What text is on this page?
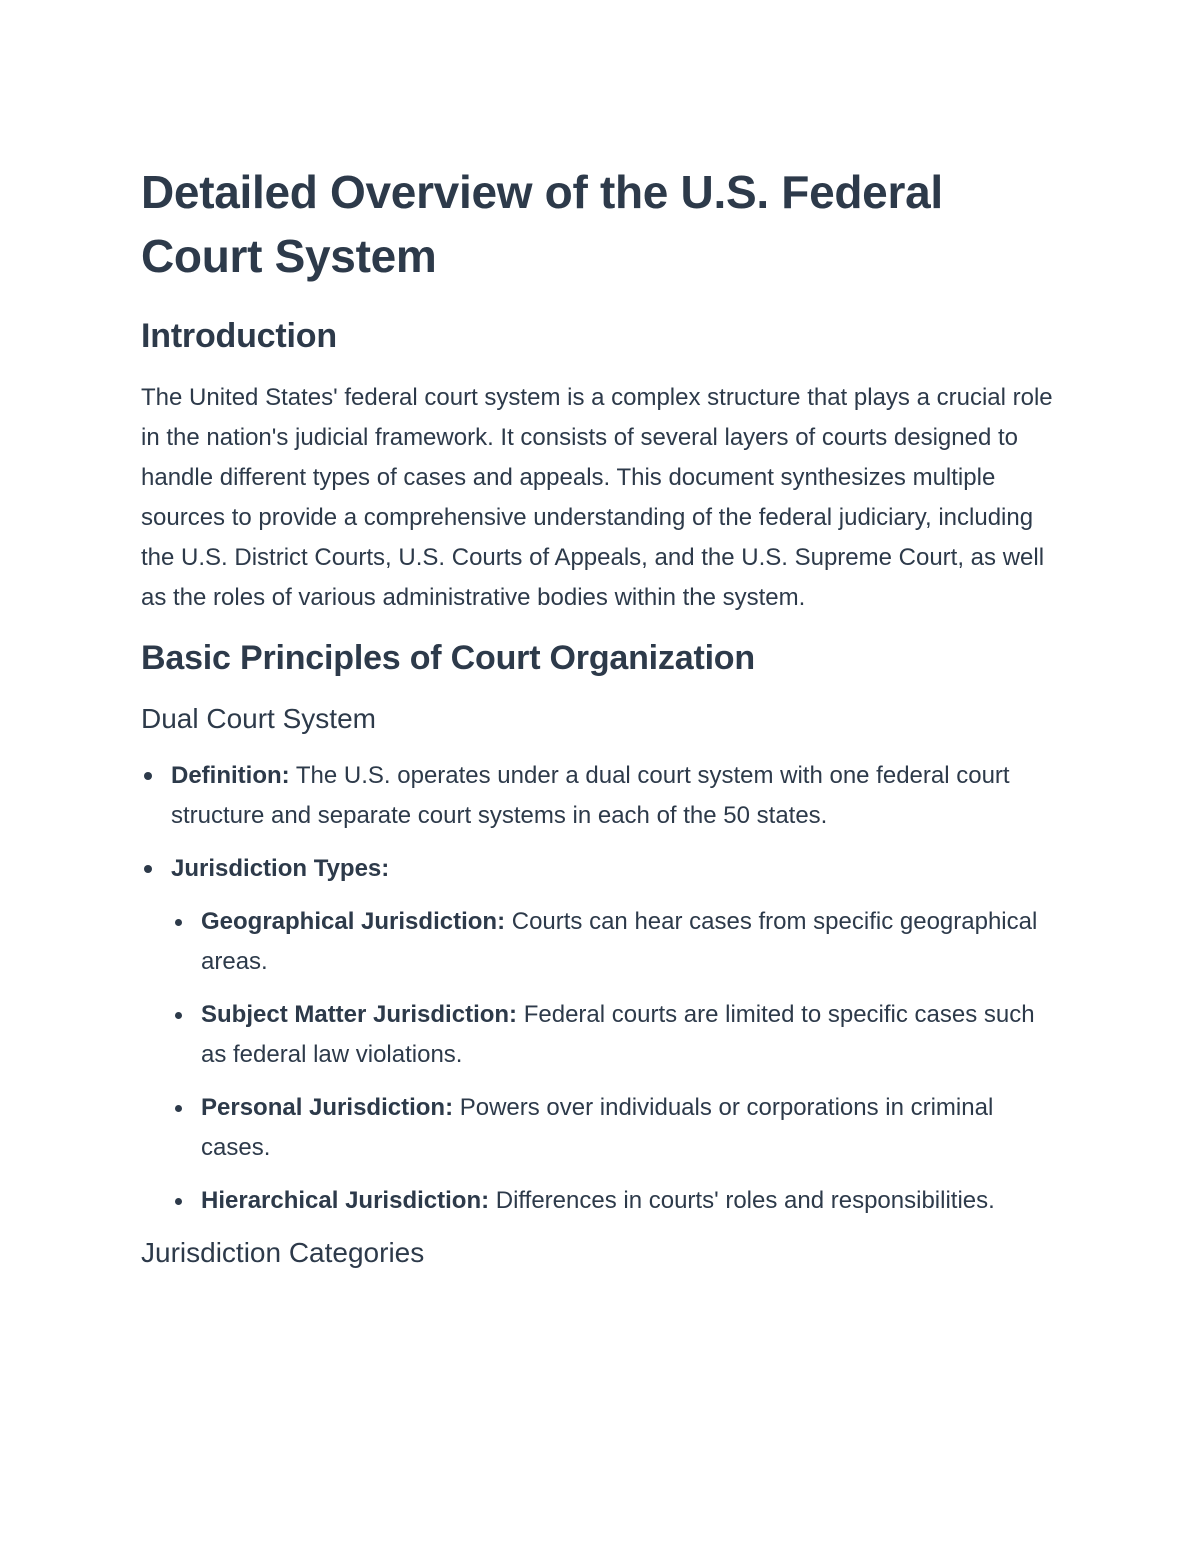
Detailed Overview of the U.S. Federal Court System
Introduction

The United States' federal court system is a complex structure that plays a crucial role in the nation's judicial framework. It consists of several layers of courts designed to handle different types of cases and appeals. This document synthesizes multiple sources to provide a comprehensive understanding of the federal judiciary, including the U.S. District Courts, U.S. Courts of Appeals, and the U.S. Supreme Court, as well as the roles of various administrative bodies within the system.

Basic Principles of Court Organization
Dual Court System
Definition: The U.S. operates under a dual court system with one federal court structure and separate court systems in each of the 50 states.
Jurisdiction Types:
Geographical Jurisdiction: Courts can hear cases from specific geographical areas.
Subject Matter Jurisdiction: Federal courts are limited to specific cases such as federal law violations.
Personal Jurisdiction: Powers over individuals or corporations in criminal cases.
Hierarchical Jurisdiction: Differences in courts' roles and responsibilities.
Jurisdiction Categories
